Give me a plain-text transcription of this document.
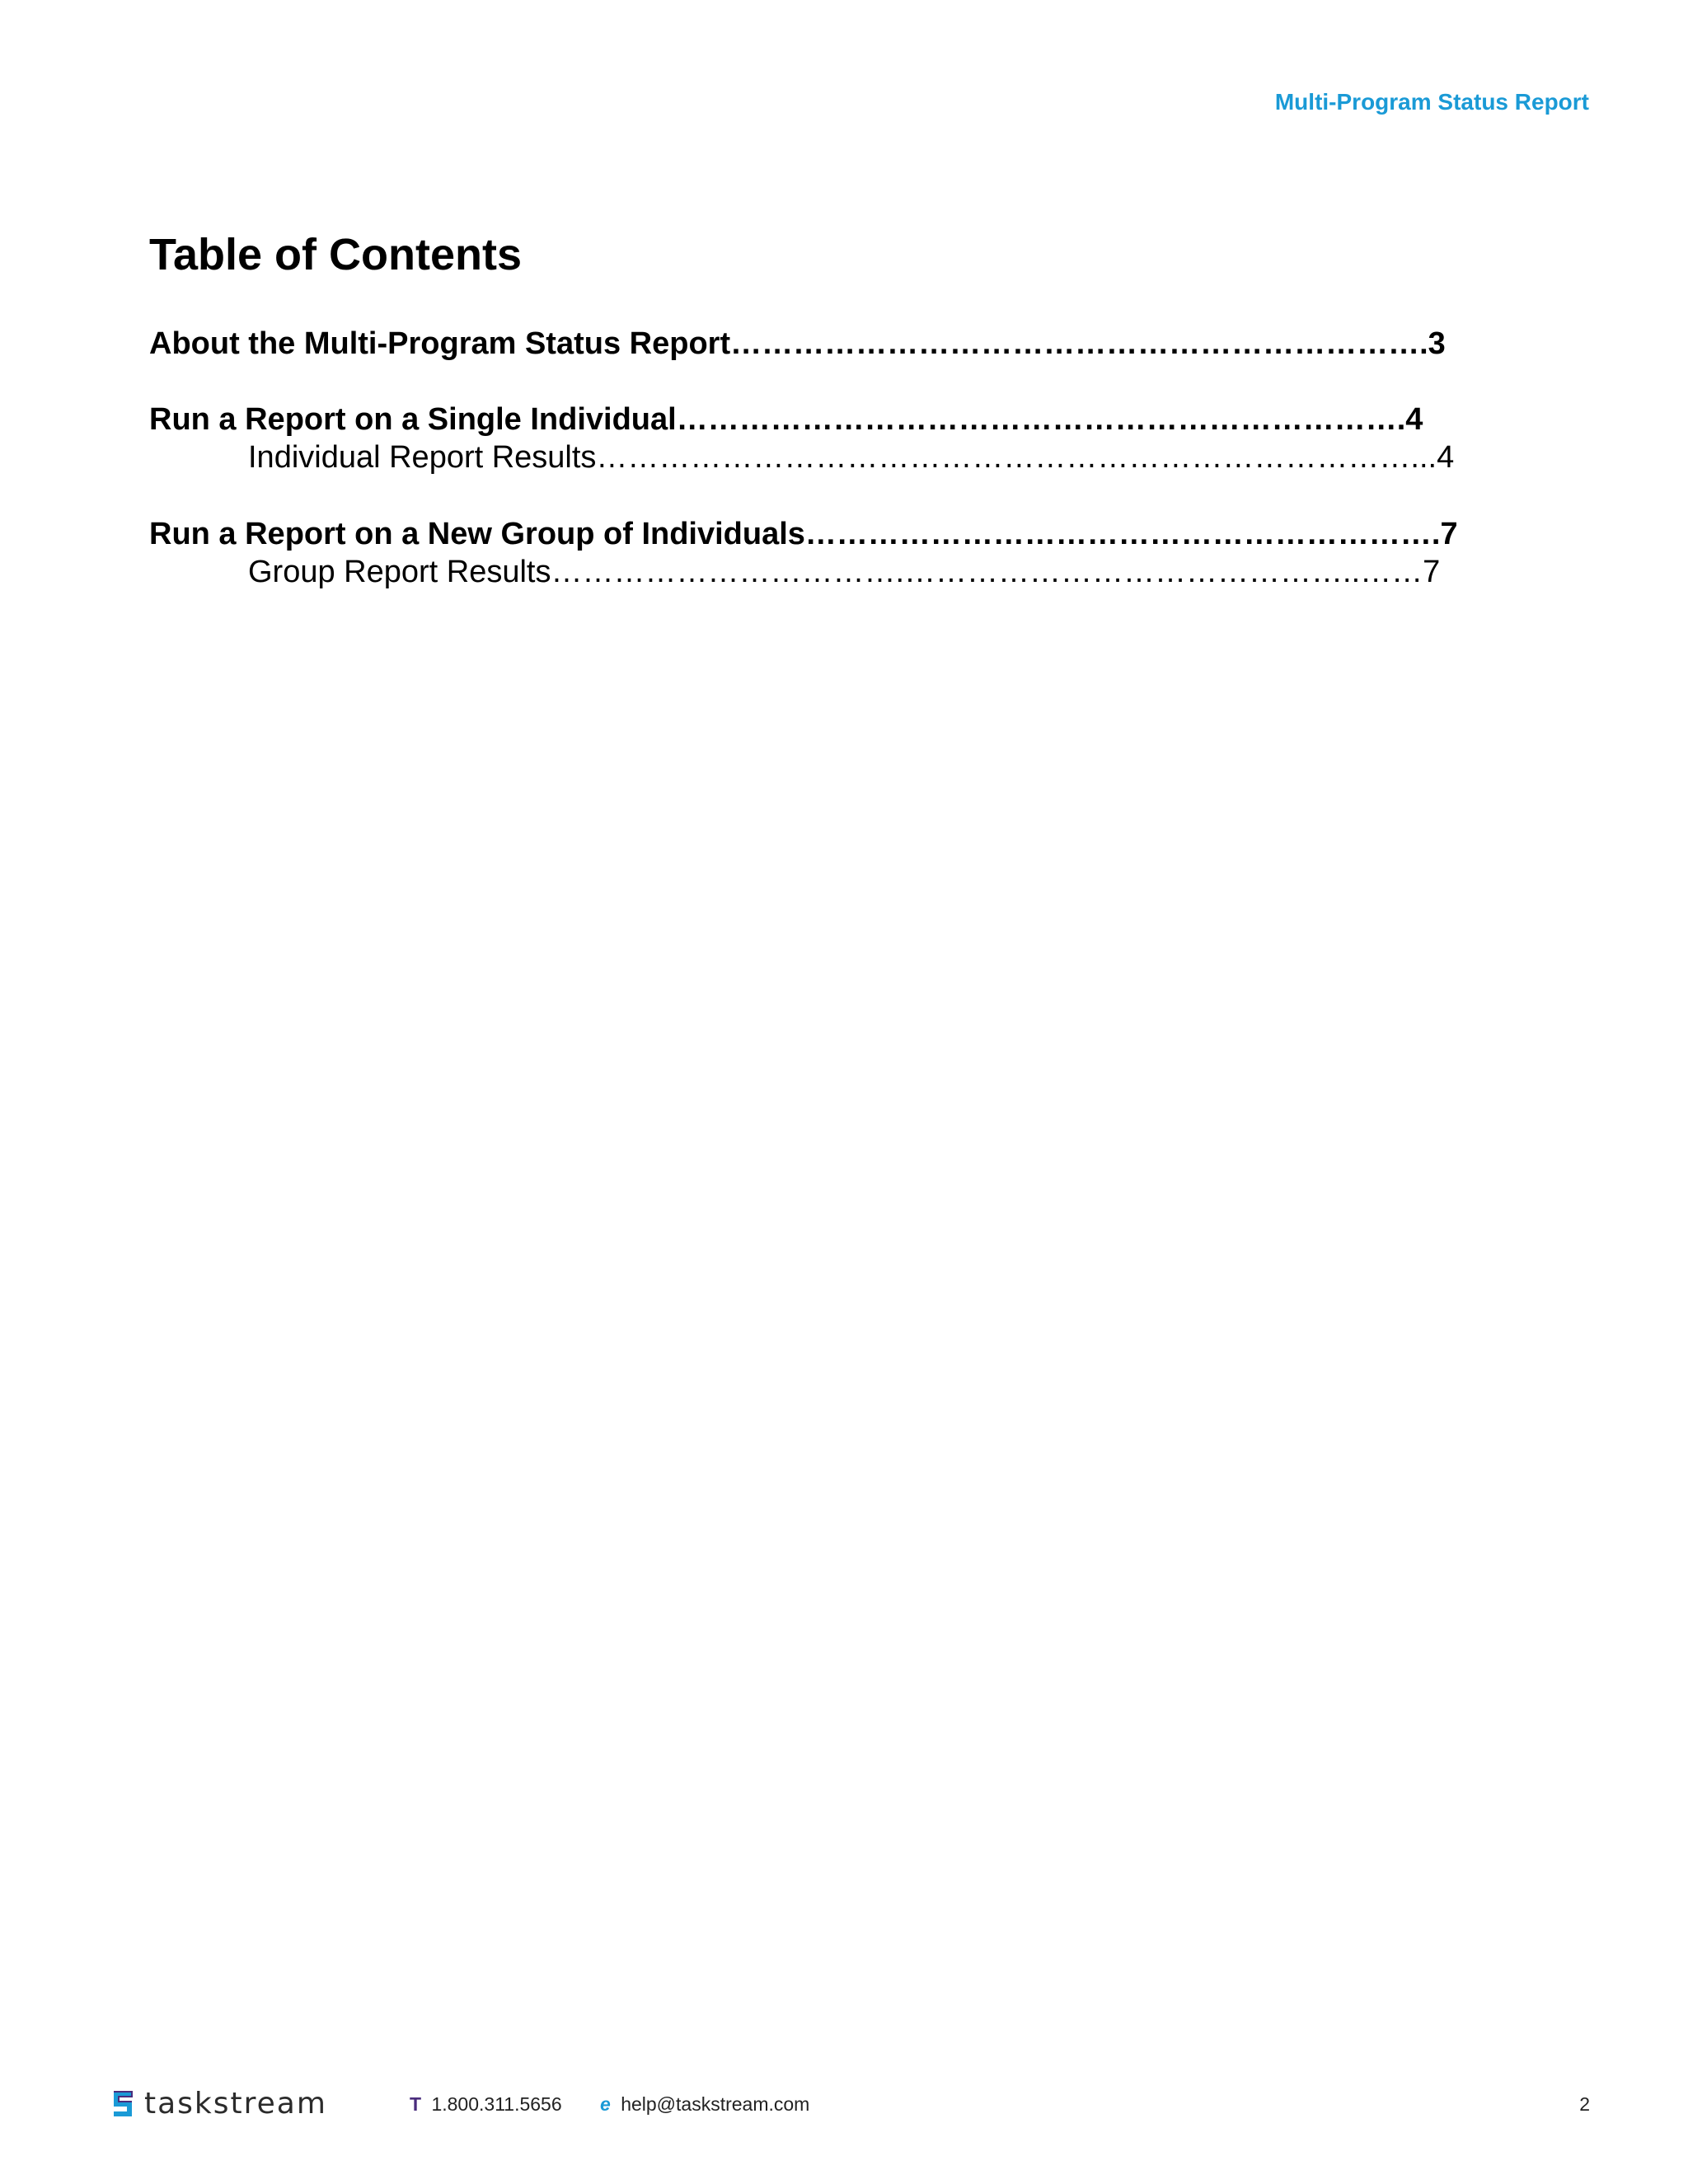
Multi-Program Status Report
Table of Contents
About the Multi-Program Status Report………………………………………………………….3
Run a Report on a Single Individual…………………………………………………………….4
Individual Report Results……………………………………………………………………...4
Run a Report on a New Group of Individuals…………………………………………………….7
Group Report Results…………………………….……………………………………..……7
taskstream	T 1.800.311.5656 e help@taskstream.com	2
